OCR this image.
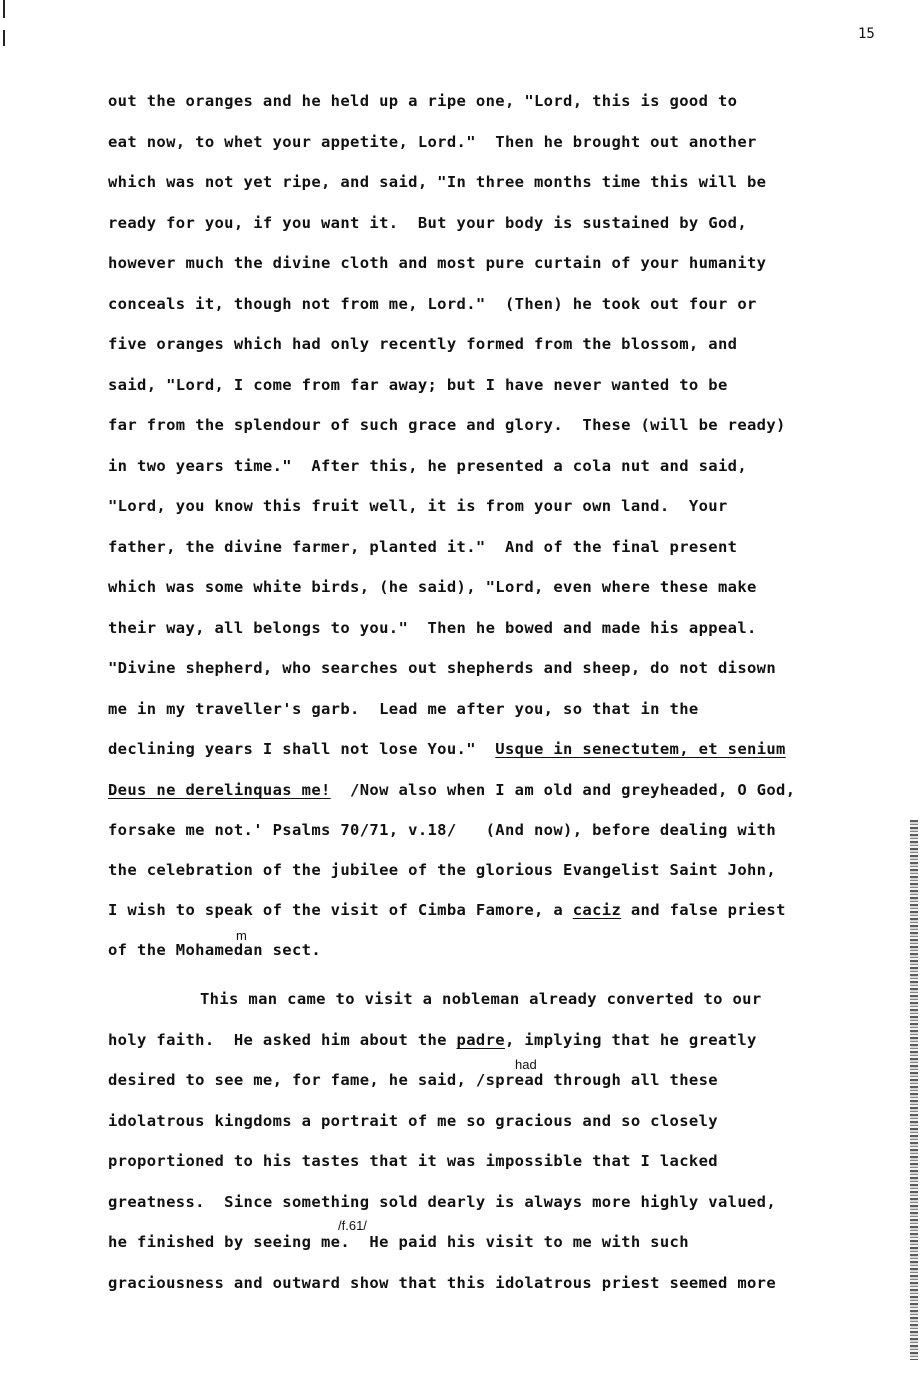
15
out the oranges and he held up a ripe one, "Lord, this is good to
eat now, to whet your appetite, Lord."  Then he brought out another
which was not yet ripe, and said, "In three months time this will be
ready for you, if you want it.  But your body is sustained by God,
however much the divine cloth and most pure curtain of your humanity
conceals it, though not from me, Lord."  (Then) he took out four or
five oranges which had only recently formed from the blossom, and
said, "Lord, I come from far away; but I have never wanted to be
far from the splendour of such grace and glory.  These (will be ready)
in two years time."  After this, he presented a cola nut and said,
"Lord, you know this fruit well, it is from your own land.  Your
father, the divine farmer, planted it."  And of the final present
which was some white birds, (he said), "Lord, even where these make
their way, all belongs to you."  Then he bowed and made his appeal.
"Divine shepherd, who searches out shepherds and sheep, do not disown
me in my traveller's garb.  Lead me after you, so that in the
declining years I shall not lose You."  Usque in senectutem, et senium
Deus ne derelinquas me!  /Now also when I am old and greyheaded, O God,
forsake me not.' Psalms 70/71, v.18/   (And now), before dealing with
the celebration of the jubilee of the glorious Evangelist Saint John,
I wish to speak of the visit of Cimba Famore, a caciz and false priest
m
of the Mohamedan sect.
This man came to visit a nobleman already converted to our
holy faith.  He asked him about the padre, implying that he greatly
had
desired to see me, for fame, he said, /spread through all these
idolatrous kingdoms a portrait of me so gracious and so closely
proportioned to his tastes that it was impossible that I lacked
greatness.  Since something sold dearly is always more highly valued,
/f.61/
he finished by seeing me.  He paid his visit to me with such
graciousness and outward show that this idolatrous priest seemed more
